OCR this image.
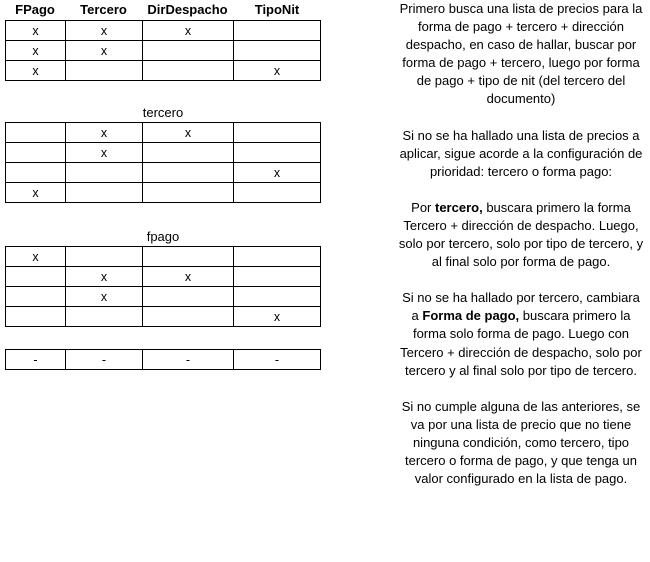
FPago	Tercero	DirDespacho	TipoNit
x	x	x	
x	x		
x			x
tercero
	x	x	
	x		
			x
x			
fpago
x			
	x	x	
	x		
			x
-	-	-	-

Primero busca una lista de precios para la forma de pago + tercero + dirección despacho, en caso de hallar, buscar por forma de pago + tercero, luego por forma de pago + tipo de nit (del tercero del documento)

Si no se ha hallado una lista de precios a aplicar, sigue acorde a la configuración de prioridad: tercero o forma pago:

Por tercero, buscara primero la forma Tercero + dirección de despacho. Luego, solo por tercero, solo por tipo de tercero, y al final solo por forma de pago.

Si no se ha hallado por tercero, cambiara a Forma de pago, buscara primero la forma solo forma de pago. Luego con Tercero + dirección de despacho, solo por tercero y al final solo por tipo de tercero.

Si no cumple alguna de las anteriores, se va por una lista de precio que no tiene ninguna condición, como tercero, tipo tercero o forma de pago, y que tenga un valor configurado en la lista de pago.
